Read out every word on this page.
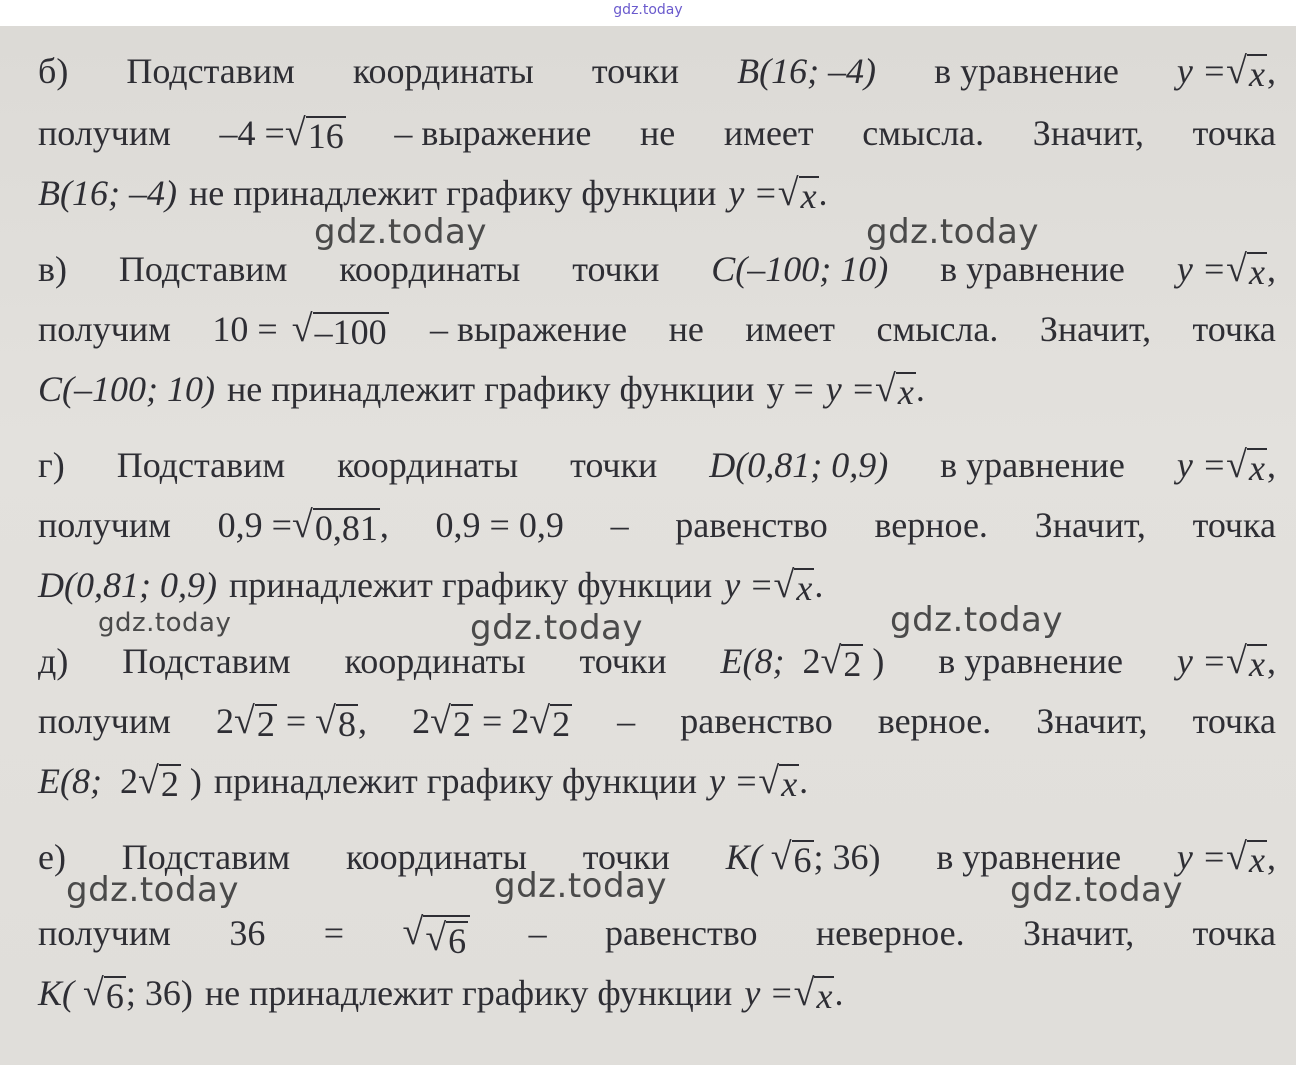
gdz.today
б) Подставим координаты точки B(16; –4) в уравнение y = √ x ,
получим –4 = √ 16 – выражение не имеет смысла. Значит, точка
B(16; –4) не принадлежит графику функции y = √ x .
в) Подставим координаты точки C(–100; 10) в уравнение y = √ x ,
получим 10 = √ –100 – выражение не имеет смысла. Значит, точка
C(–100; 10) не принадлежит графику функции у = y = √ x .
г) Подставим координаты точки D(0,81; 0,9) в уравнение y = √ x ,
получим 0,9 = √ 0,81 , 0,9 = 0,9 – равенство верное. Значит, точка
D(0,81; 0,9) принадлежит графику функции y = √ x .
д) Подставим координаты точки E(8; 2 √ 2 ) в уравнение y = √ x ,
получим 2 √ 2 = √ 8 , 2 √ 2 = 2 √ 2 – равенство верное. Значит, точка
E(8; 2 √ 2 ) принадлежит графику функции y = √ x .
е) Подставим координаты точки K( √ 6 ; 36) в уравнение y = √ x ,
получим 36 = √ √ 6 – равенство неверное. Значит, точка
K( √ 6 ; 36) не принадлежит графику функции y = √ x .
gdz.today	gdz.today
gdz.today	gdz.today	gdz.today
gdz.today	gdz.today	gdz.today
